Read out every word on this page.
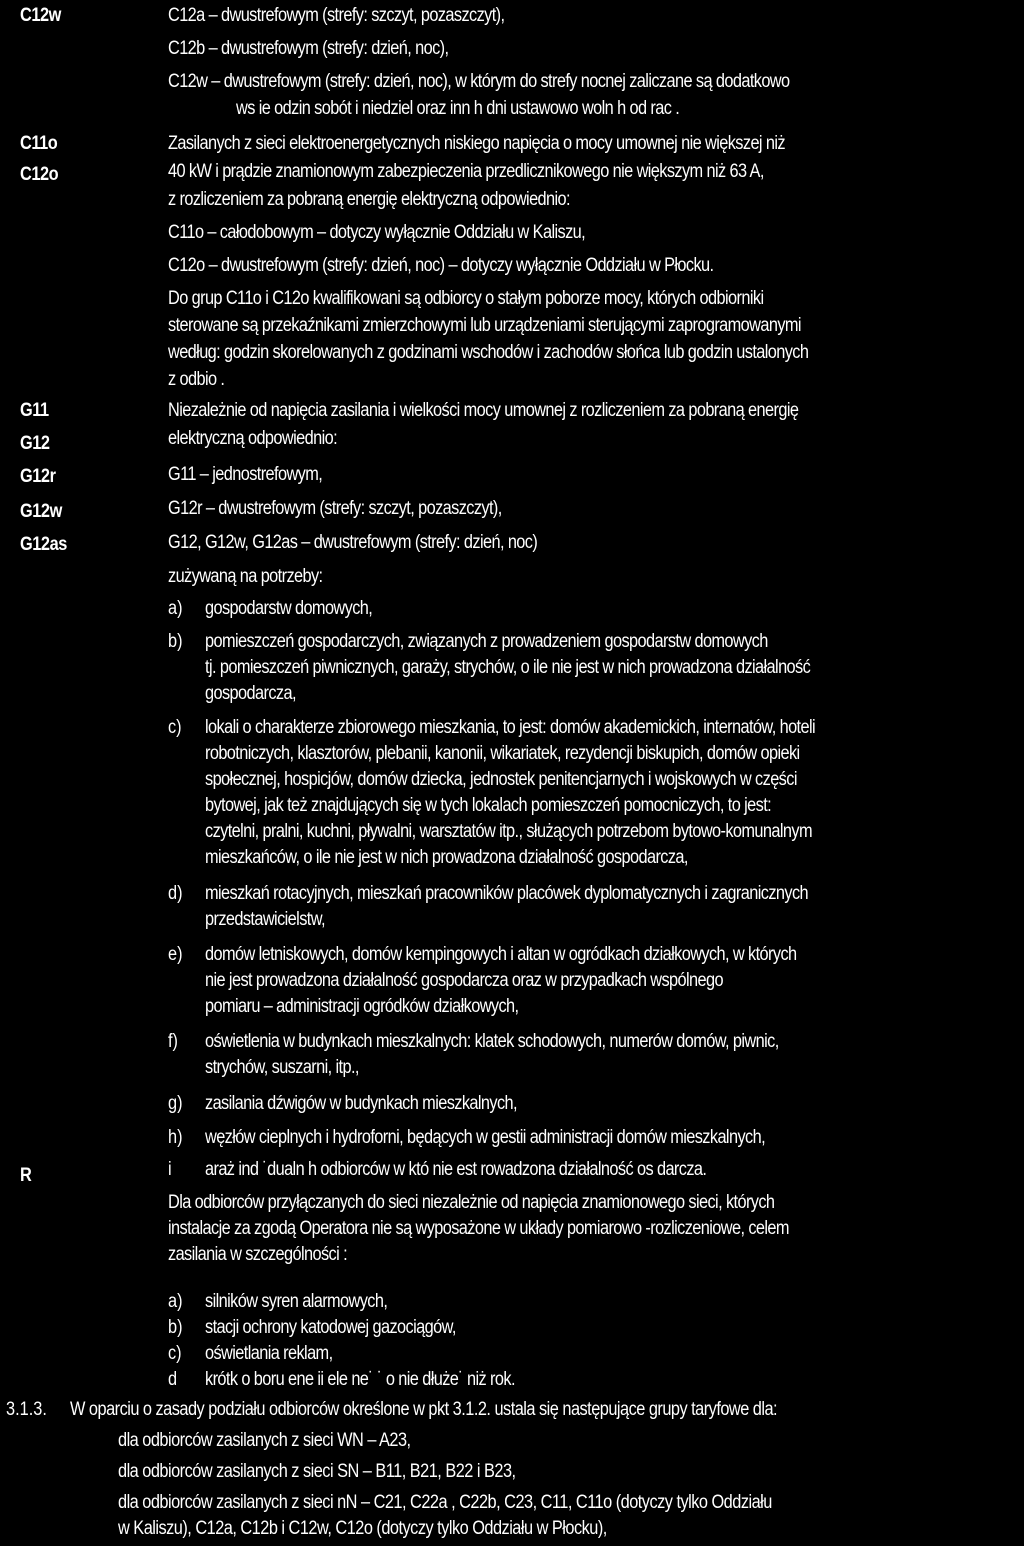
C12w
C11o
C12o
G11
G12
G12r
G12w
G12as
R
C12a – dwustrefowym (strefy: szczyt, pozaszczyt),
C12b – dwustrefowym (strefy: dzień, noc),
C12w – dwustrefowym (strefy: dzień, noc), w którym do strefy nocnej zaliczane są dodatkowo
ws ie odzin sobót i niedziel oraz inn h dni ustawowo woln h od rac .
Zasilanych z sieci elektroenergetycznych niskiego napięcia o mocy umownej nie większej niż
40 kW i prądzie znamionowym zabezpieczenia przedlicznikowego nie większym niż 63 A,
z rozliczeniem za pobraną energię elektryczną odpowiednio:
C11o – całodobowym – dotyczy wyłącznie Oddziału w Kaliszu,
C12o – dwustrefowym (strefy: dzień, noc) – dotyczy wyłącznie Oddziału w Płocku.
Do grup C11o i C12o kwalifikowani są odbiorcy o stałym poborze mocy, których odbiorniki
sterowane są przekaźnikami zmierzchowymi lub urządzeniami sterującymi zaprogramowanymi
według: godzin skorelowanych z godzinami wschodów i zachodów słońca lub godzin ustalonych
z odbio .
Niezależnie od napięcia zasilania i wielkości mocy umownej z rozliczeniem za pobraną energię
elektryczną odpowiednio:
G11 – jednostrefowym,
G12r – dwustrefowym (strefy: szczyt, pozaszczyt),
G12, G12w, G12as – dwustrefowym (strefy: dzień, noc)
zużywaną na potrzeby:
a) gospodarstw domowych,
b) pomieszczeń gospodarczych, związanych z prowadzeniem gospodarstw domowych
tj. pomieszczeń piwnicznych, garaży, strychów, o ile nie jest w nich prowadzona działalność
gospodarcza,
c) lokali o charakterze zbiorowego mieszkania, to jest: domów akademickich, internatów, hoteli
robotniczych, klasztorów, plebanii, kanonii, wikariatek, rezydencji biskupich, domów opieki
społecznej, hospicjów, domów dziecka, jednostek penitencjarnych i wojskowych w części
bytowej, jak też znajdujących się w tych lokalach pomieszczeń pomocniczych, to jest:
czytelni, pralni, kuchni, pływalni, warsztatów itp., służących potrzebom bytowo-komunalnym
mieszkańców, o ile nie jest w nich prowadzona działalność gospodarcza,
d) mieszkań rotacyjnych, mieszkań pracowników placówek dyplomatycznych i zagranicznych
przedstawicielstw,
e) domów letniskowych, domów kempingowych i altan w ogródkach działkowych, w których
nie jest prowadzona działalność gospodarcza oraz w przypadkach wspólnego
pomiaru – administracji ogródków działkowych,
f) oświetlenia w budynkach mieszkalnych: klatek schodowych, numerów domów, piwnic,
strychów, suszarni, itp.,
g) zasilania dźwigów w budynkach mieszkalnych,
h) węzłów cieplnych i hydroforni, będących w gestii administracji domów mieszkalnych,
i araż ind ˙dualn h odbiorców w któ nie est rowadzona działalność os darcza.
Dla odbiorców przyłączanych do sieci niezależnie od napięcia znamionowego sieci, których
instalacje za zgodą Operatora nie są wyposażone w układy pomiarowo -rozliczeniowe, celem
zasilania w szczególności :
a) silników syren alarmowych,
b) stacji ochrony katodowej gazociągów,
c) oświetlania reklam,
d krótk o boru ene ii ele ne˙ ˙ o nie dłuże˙ niż rok.
3.1.3. W oparciu o zasady podziału odbiorców określone w pkt 3.1.2. ustala się następujące grupy taryfowe dla:
dla odbiorców zasilanych z sieci WN – A23,
dla odbiorców zasilanych z sieci SN – B11, B21, B22 i B23,
dla odbiorców zasilanych z sieci nN – C21, C22a , C22b, C23, C11, C11o (dotyczy tylko Oddziału
w Kaliszu), C12a, C12b i C12w, C12o (dotyczy tylko Oddziału w Płocku),
